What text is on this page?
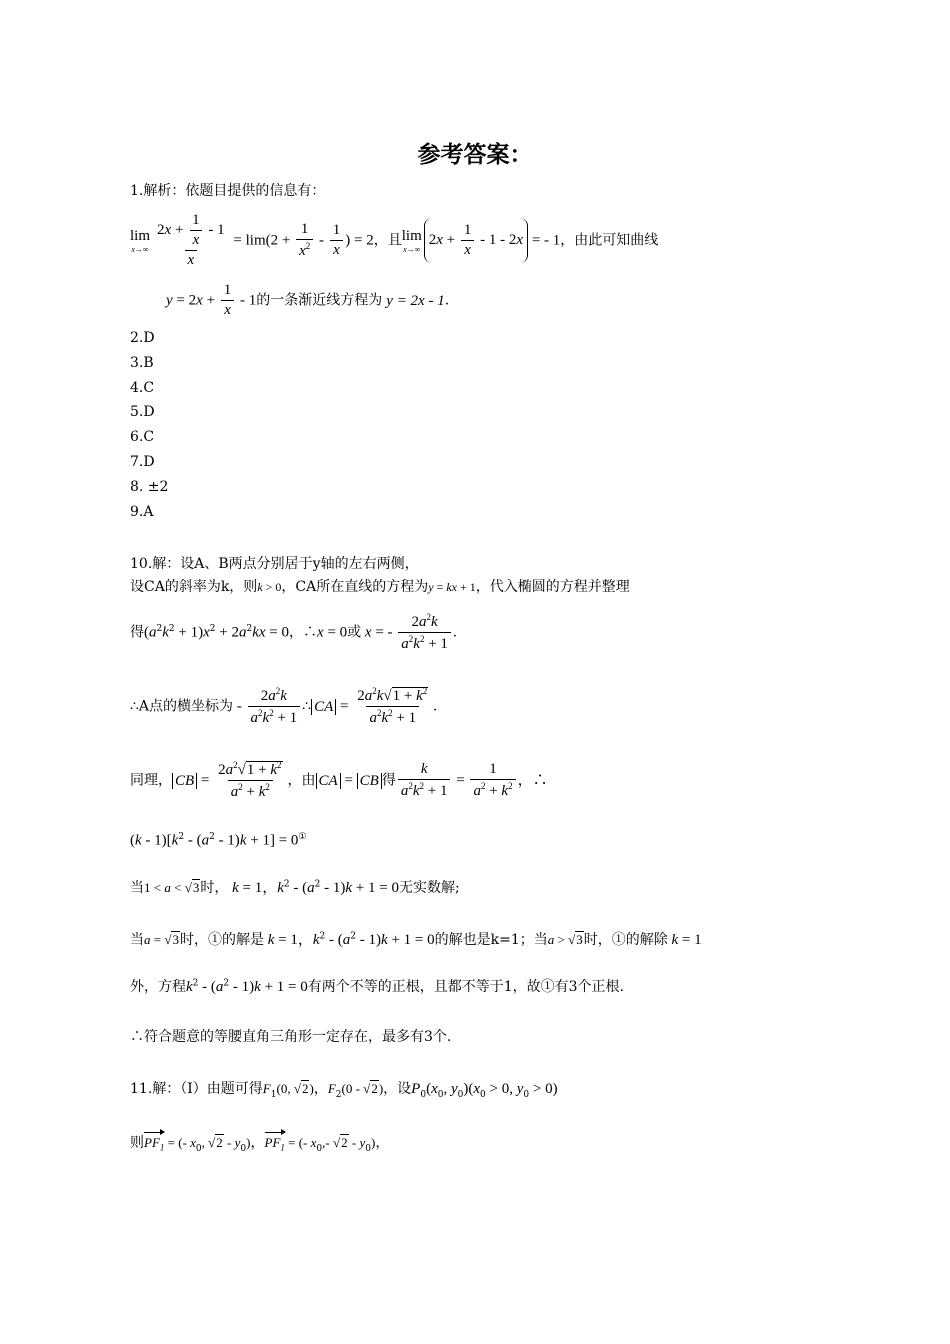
参考答案：
1.解析：依题目提供的信息有：
lim
$x\to\infty \frac{2x + \frac{1}{x} - 1}{x} = \lim(2 + \frac{1}{x^2} - \frac{1}{x}$ ) = 2，且 lim
x→∞
$2x + \frac{1}{x} - 1 - 2x$ = - 1，由此可知曲线
$y = 2x + \frac{1}{x} - 1$的一条渐近线方程为 y = 2x - 1.
2.D
3.B
4.C
5.D
6.C
7.D
8. ±2
9.A
10.解：设A、B两点分别居于y轴的左右两侧，
设CA的斜率为k，则k > 0，CA所在直线的方程为y = kx + 1，代入椭圆的方程并整理
得$(a^2k^2 + 1)x^2 + 2a^2kx = 0$，∴x = 0或 x = - $\frac{2a^2k}{a^2k^2 + 1}$ .
∴A点的横坐标为 - $\frac{2a^2k}{a^2k^2 + 1}$ ∴ CA = $\frac{2a^2k√1 + k^2}{a^2k^2 + 1}$ .
同理， CB = $\frac{2a^2√1 + k^2}{a^2 + k^2}$ ，由 CA = CB 得 $\frac{k}{a^2k^2 + 1} = \frac{1}{a^2 + k^2}$ ，∴
$(k - 1)[k^2 - (a^2 - 1)k + 1] = 0^①$
当1 < a < √3时， k = 1，$k^2 - (a^2 - 1)k + 1 = 0$无实数解;
当a = √3时，①的解是 k = 1，$k^2 - (a^2 - 1)k + 1 = 0$的解也是k=1；当a > √3时，①的解除 k = 1
外，方程$k^2 - (a^2 - 1)k + 1 = 0$有两个不等的正根，且都不等于1，故①有3个正根.
∴符合题意的等腰直角三角形一定存在，最多有3个.
11.解：（Ⅰ）由题可得$F_1(0$, √2)，$F_2(0 - √2)$，设$P_0(x_0$, $y_0)(x_0 > 0$, $y_0 > 0$)
则$PF_1$ = (- $x_0$, $√2 - y_0$)，$PF_1$ = (- $x_0,-$ $√2 - y_0$)，
